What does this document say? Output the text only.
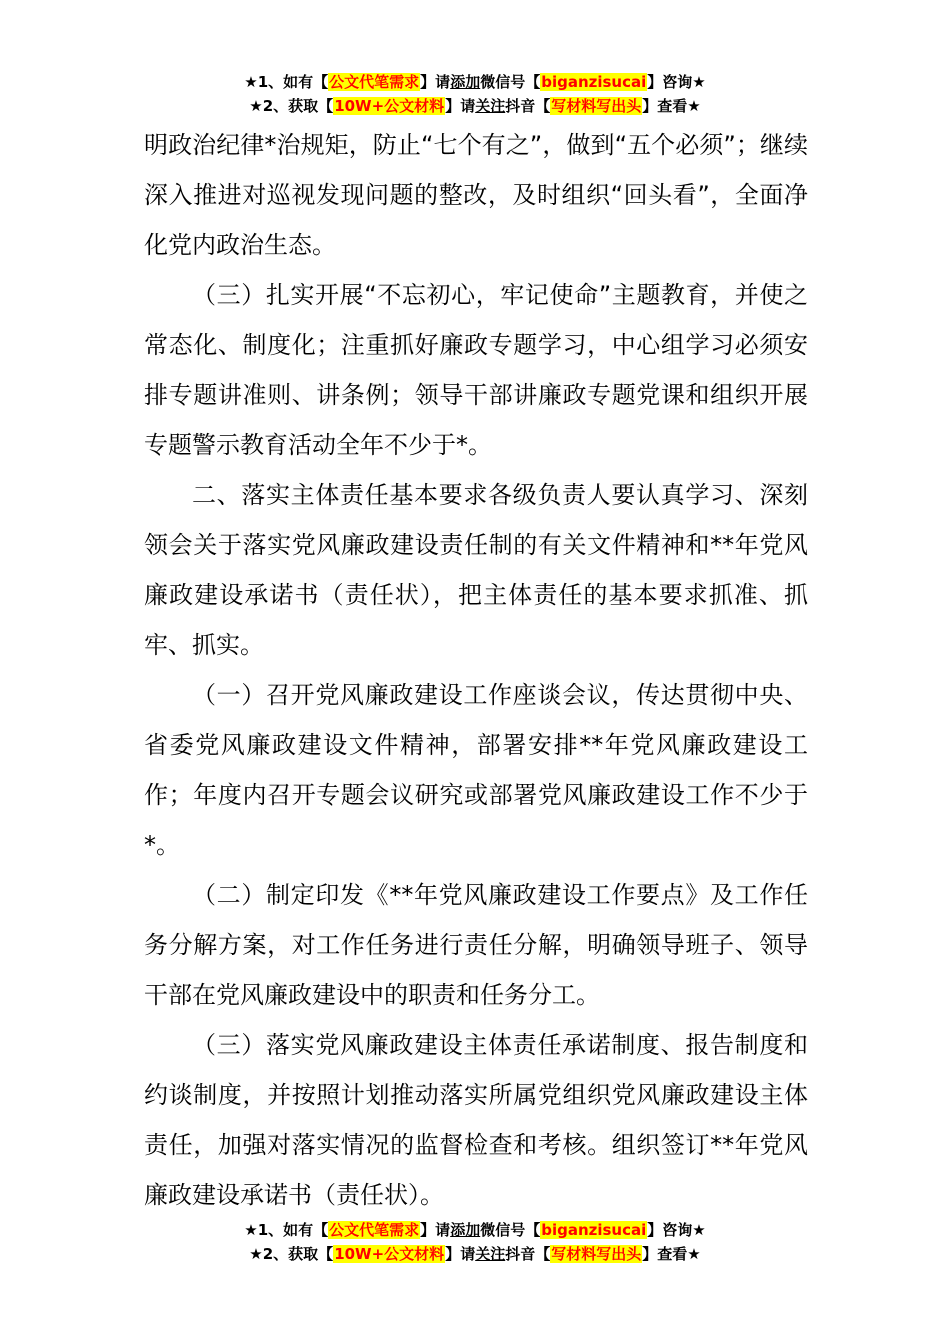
★1、如有【公文代笔需求】请添加微信号【biganzisucai】咨询★
★2、获取【10W+公文材料】请关注抖音【写材料写出头】查看★

明政治纪律*治规矩，防止“七个有之”，做到“五个必须”；继续深入推进对巡视发现问题的整改，及时组织“回头看”，全面净化党内政治生态。

（三）扎实开展“不忘初心，牢记使命”主题教育，并使之常态化、制度化；注重抓好廉政专题学习，中心组学习必须安排专题讲准则、讲条例；领导干部讲廉政专题党课和组织开展专题警示教育活动全年不少于*。

二、落实主体责任基本要求各级负责人要认真学习、深刻领会关于落实党风廉政建设责任制的有关文件精神和**年党风廉政建设承诺书（责任状），把主体责任的基本要求抓准、抓牢、抓实。

（一）召开党风廉政建设工作座谈会议，传达贯彻中央、省委党风廉政建设文件精神，部署安排**年党风廉政建设工作；年度内召开专题会议研究或部署党风廉政建设工作不少于*。

（二）制定印发《**年党风廉政建设工作要点》及工作任务分解方案，对工作任务进行责任分解，明确领导班子、领导干部在党风廉政建设中的职责和任务分工。

（三）落实党风廉政建设主体责任承诺制度、报告制度和约谈制度，并按照计划推动落实所属党组织党风廉政建设主体责任，加强对落实情况的监督检查和考核。组织签订**年党风廉政建设承诺书（责任状）。

★1、如有【公文代笔需求】请添加微信号【biganzisucai】咨询★
★2、获取【10W+公文材料】请关注抖音【写材料写出头】查看★
